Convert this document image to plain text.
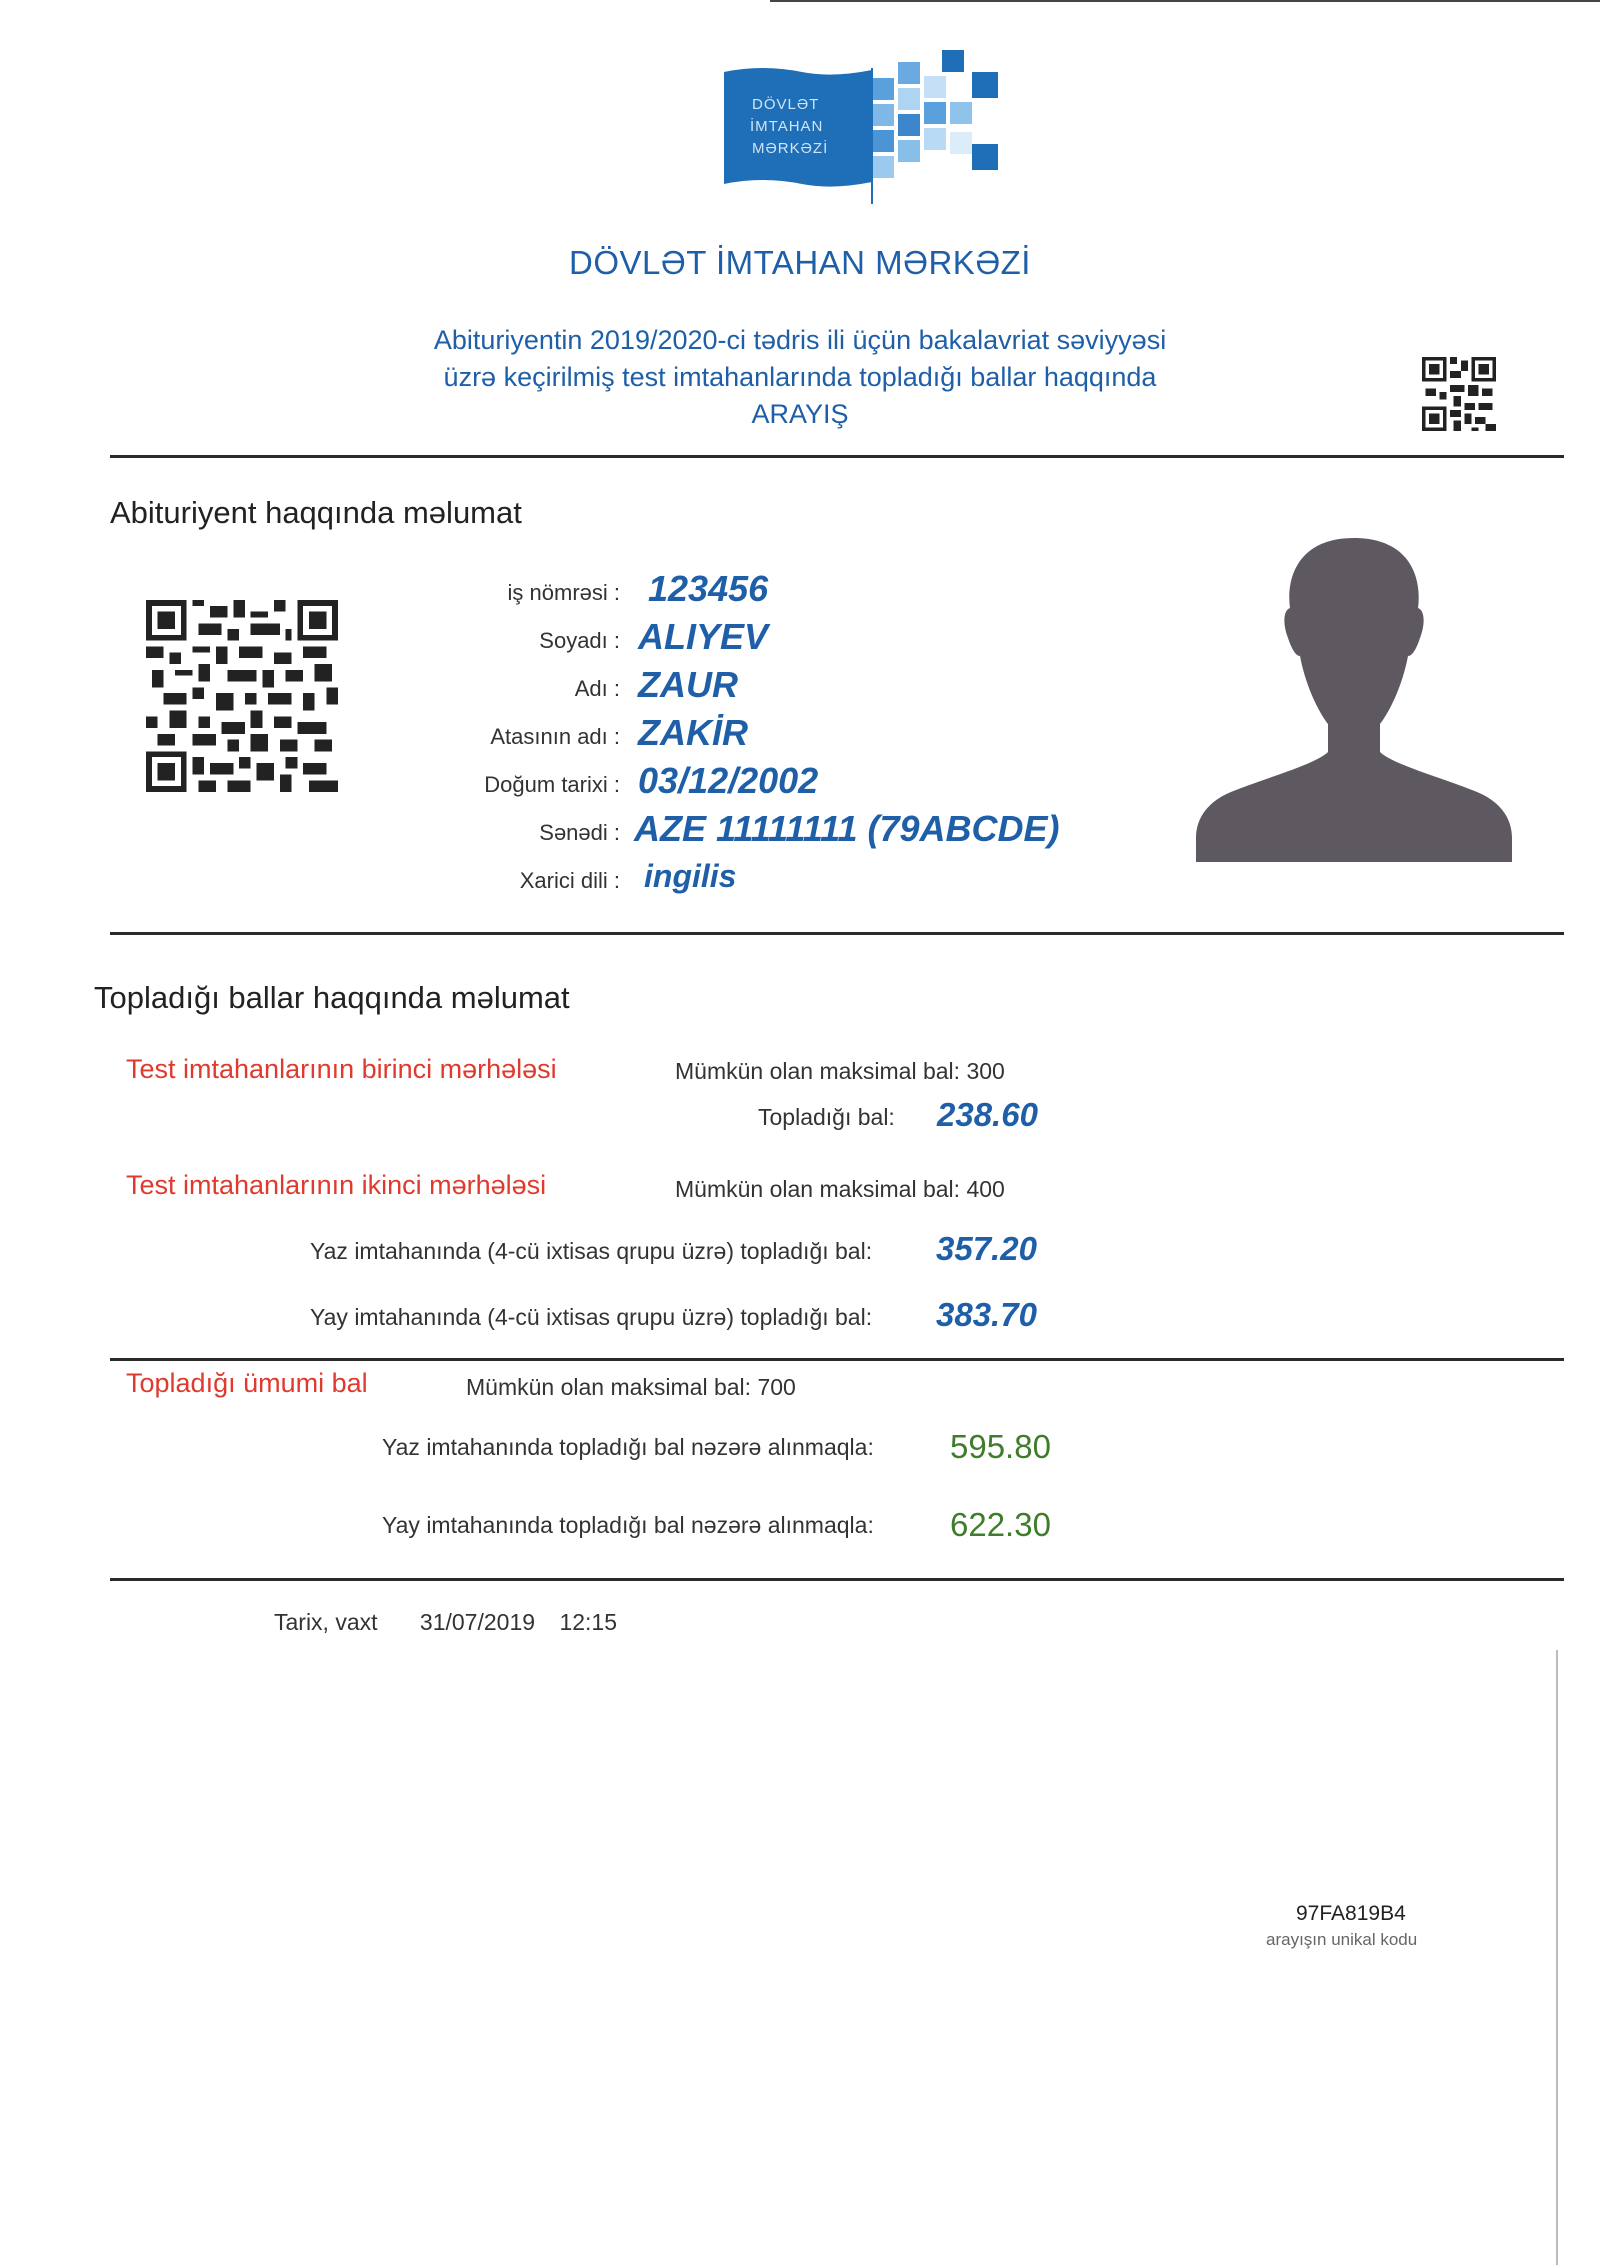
DÖVLƏT
İMTAHAN
MƏRKƏZİ
DÖVLƏT İMTAHAN MƏRKƏZİ
Abituriyentin 2019/2020-ci tədris ili üçün bakalavriat səviyyəsi
üzrə keçirilmiş test imtahanlarında topladığı ballar haqqında
ARAYIŞ
Abituriyent haqqında məlumat
iş nömrəsi : 123456
Soyadı : ALIYEV
Adı : ZAUR
Atasının adı : ZAKİR
Doğum tarixi : 03/12/2002
Sənədi : AZE 11111111 (79ABCDE)
Xarici dili : ingilis
Topladığı ballar haqqında məlumat
Test imtahanlarının birinci mərhələsi	Mümkün olan maksimal bal: 300
Topladığı bal: 238.60
Test imtahanlarının ikinci mərhələsi	Mümkün olan maksimal bal: 400
Yaz imtahanında (4-cü ixtisas qrupu üzrə) topladığı bal: 357.20
Yay imtahanında (4-cü ixtisas qrupu üzrə) topladığı bal: 383.70
Topladığı ümumi bal	Mümkün olan maksimal bal: 700
Yaz imtahanında topladığı bal nəzərə alınmaqla: 595.80
Yay imtahanında topladığı bal nəzərə alınmaqla: 622.30
Tarix, vaxt 31/07/2019 12:15
97FA819B4
arayışın unikal kodu
